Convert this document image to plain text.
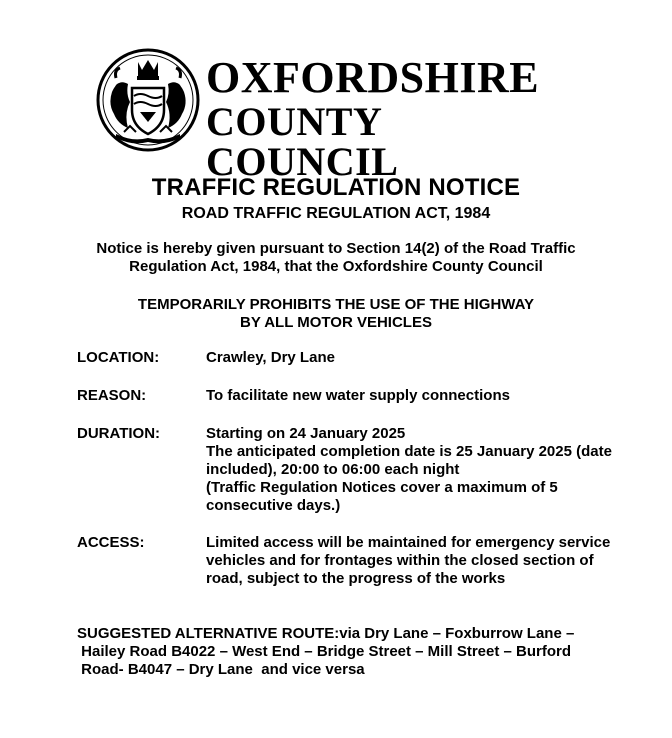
OXFORDSHIRE
COUNTY COUNCIL
TRAFFIC REGULATION NOTICE
ROAD TRAFFIC REGULATION ACT, 1984
Notice is hereby given pursuant to Section 14(2) of the Road Traffic
Regulation Act, 1984, that the Oxfordshire County Council
TEMPORARILY PROHIBITS THE USE OF THE HIGHWAY
BY ALL MOTOR VEHICLES
LOCATION:	Crawley, Dry Lane
REASON:	To facilitate new water supply connections
DURATION:	Starting on 24 January 2025
The anticipated completion date is 25 January 2025 (date
included), 20:00 to 06:00 each night
(Traffic Regulation Notices cover a maximum of 5
consecutive days.)
ACCESS:	Limited access will be maintained for emergency service
vehicles and for frontages within the closed section of
road, subject to the progress of the works
SUGGESTED ALTERNATIVE ROUTE:via Dry Lane – Foxburrow Lane –
Hailey Road B4022 – West End – Bridge Street – Mill Street – Burford
Road- B4047 – Dry Lane  and vice versa
